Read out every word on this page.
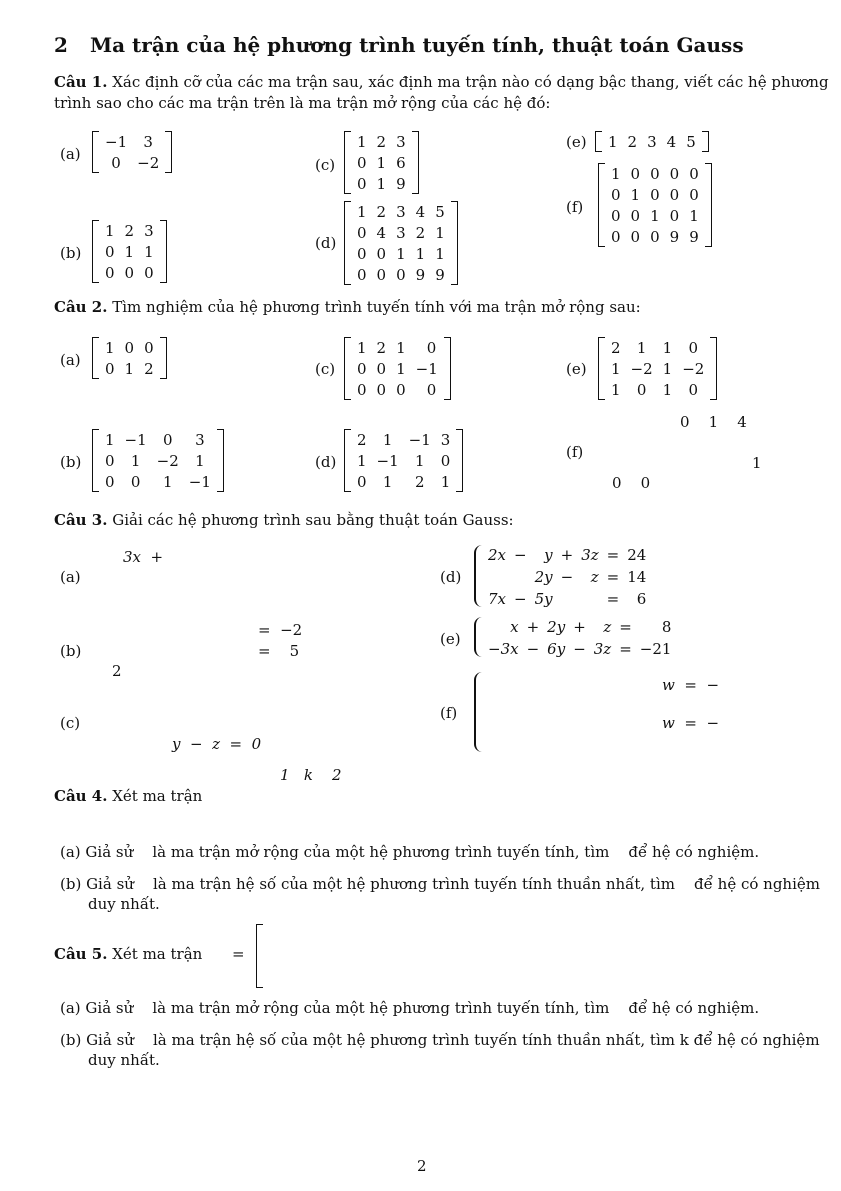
2 Ma trận của hệ phương trình tuyến tính, thuật toán Gauss
Câu 1. Xác định cỡ của các ma trận sau, xác định ma trận nào có dạng bậc thang, viết các hệ phương
trình sao cho các ma trận trên là ma trận mở rộng của các hệ đó:
(a)
−1	3
0	−2
(b)
1	2	3
0	1	1
0	0	0
(c)
1	2	3
0	1	6
0	1	9
(d)
1	2	3	4	5
0	4	3	2	1
0	0	1	1	1
0	0	0	9	9
(e) 1	2	3	4	5
(f)
1	0	0	0	0
0	1	0	0	0
0	0	1	0	1
0	0	0	9	9
Câu 2. Tìm nghiệm của hệ phương trình tuyến tính với ma trận mở rộng sau:
(a)
1	0	0
0	1	2
(b)
1	−1	0	3
0	1	−2	1
0	0	1	−1
(c)
1	2	1	0
0	0	1	−1
0	0	0	0
(d)
2	1	−1	3
1	−1	1	0
0	1	2	1
(e)
2	1	1	0
1	−2	1	−2
1	0	1	0
(f)
0    1    4
1
0    0
Câu 3. Giải các hệ phương trình sau bằng thuật toán Gauss:
(a)
3x  +
(b)
=  −2
=    5
2
(c)
y  −  z  =  0
(d)
2x	−	y	+	3z	=	24
		2y	−	z	=	14
7x	−	5y			=	6
(e)
x	+	2y	+	z	=	8
−3x	−	6y	−	3z	=	−21
(f)
w  =  −
w  =  −
1   k    2
Câu 4. Xét ma trận
(a) Giả sử    là ma trận mở rộng của một hệ phương trình tuyến tính, tìm    để hệ có nghiệm.
(b) Giả sử    là ma trận hệ số của một hệ phương trình tuyến tính thuần nhất, tìm    để hệ có nghiệm
duy nhất.
Câu 5. Xét ma trận =
(a) Giả sử    là ma trận mở rộng của một hệ phương trình tuyến tính, tìm    để hệ có nghiệm.
(b) Giả sử    là ma trận hệ số của một hệ phương trình tuyến tính thuần nhất, tìm k để hệ có nghiệm
duy nhất.
2
